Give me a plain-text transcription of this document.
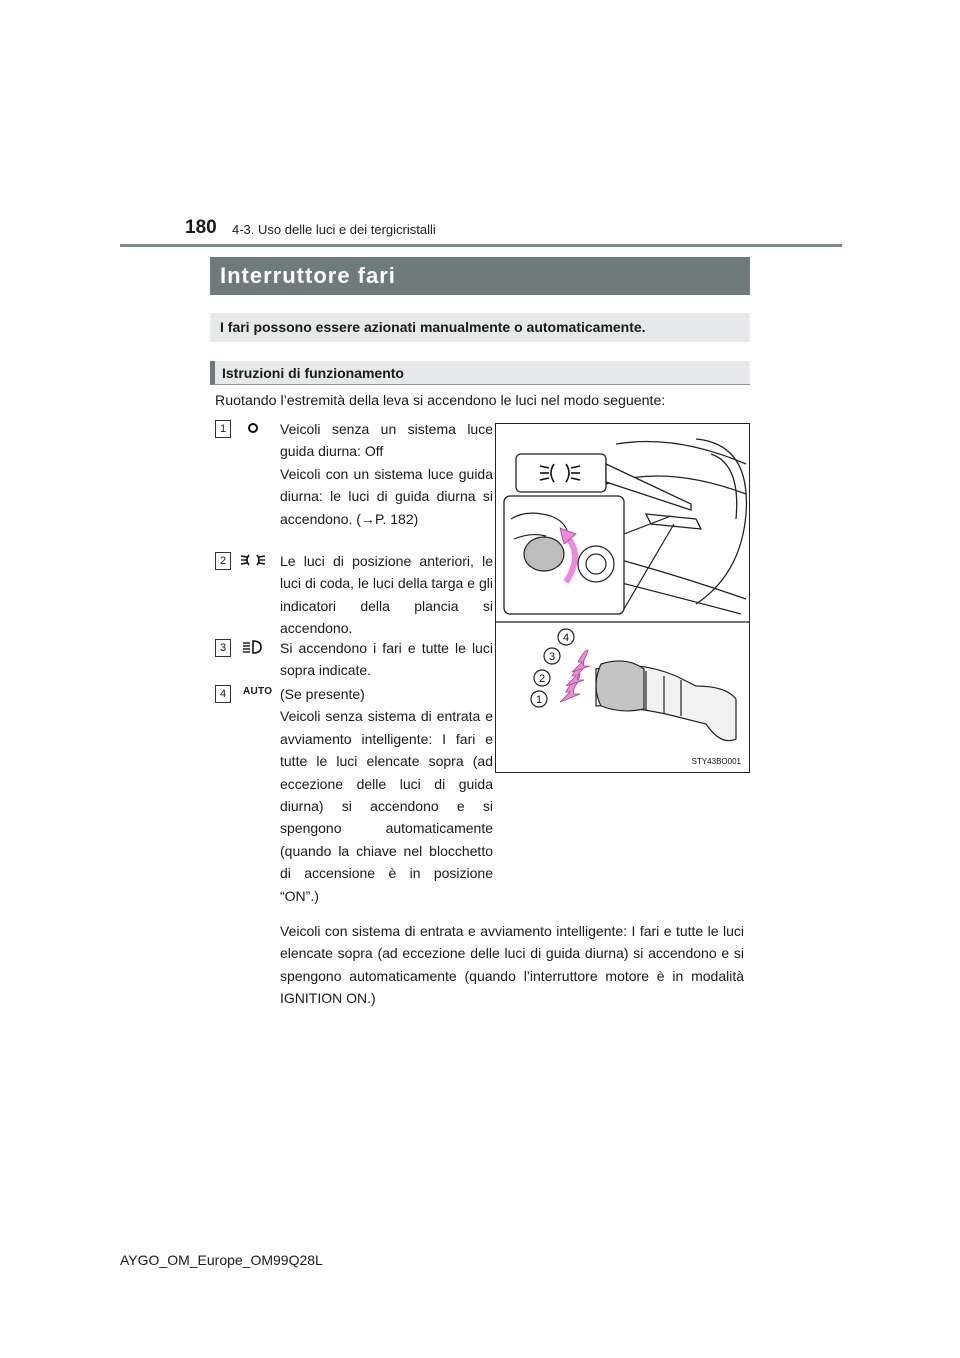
180 4-3. Uso delle luci e dei tergicristalli
Interruttore fari
I fari possono essere azionati manualmente o automaticamente.
Istruzioni di funzionamento
Ruotando l’estremità della leva si accendono le luci nel modo seguente:
1	Veicoli senza un sistema luce guida diurna: Off

Veicoli con un sistema luce guida diurna: le luci di guida diurna si accendono. (→P. 182)

2	Le luci di posizione anteriori, le luci di coda, le luci della targa e gli indicatori della plancia si accendono.

3	Si accendono i fari e tutte le luci sopra indicate.

4	AUTO (Se presente)

Veicoli senza sistema di entrata e avviamento intelligente: I fari e tutte le luci elencate sopra (ad eccezione delle luci di guida diurna) si accendono e si spengono automaticamente (quando la chiave nel blocchetto di accensione è in posizione “ON”.)

Veicoli con sistema di entrata e avviamento intelligente: I fari e tutte le luci elencate sopra (ad eccezione delle luci di guida diurna) si accendono e si spengono automaticamente (quando l’interruttore motore è in modalità IGNITION ON.)
4
3
2
1
STY43BO001
AYGO_OM_Europe_OM99Q28L
